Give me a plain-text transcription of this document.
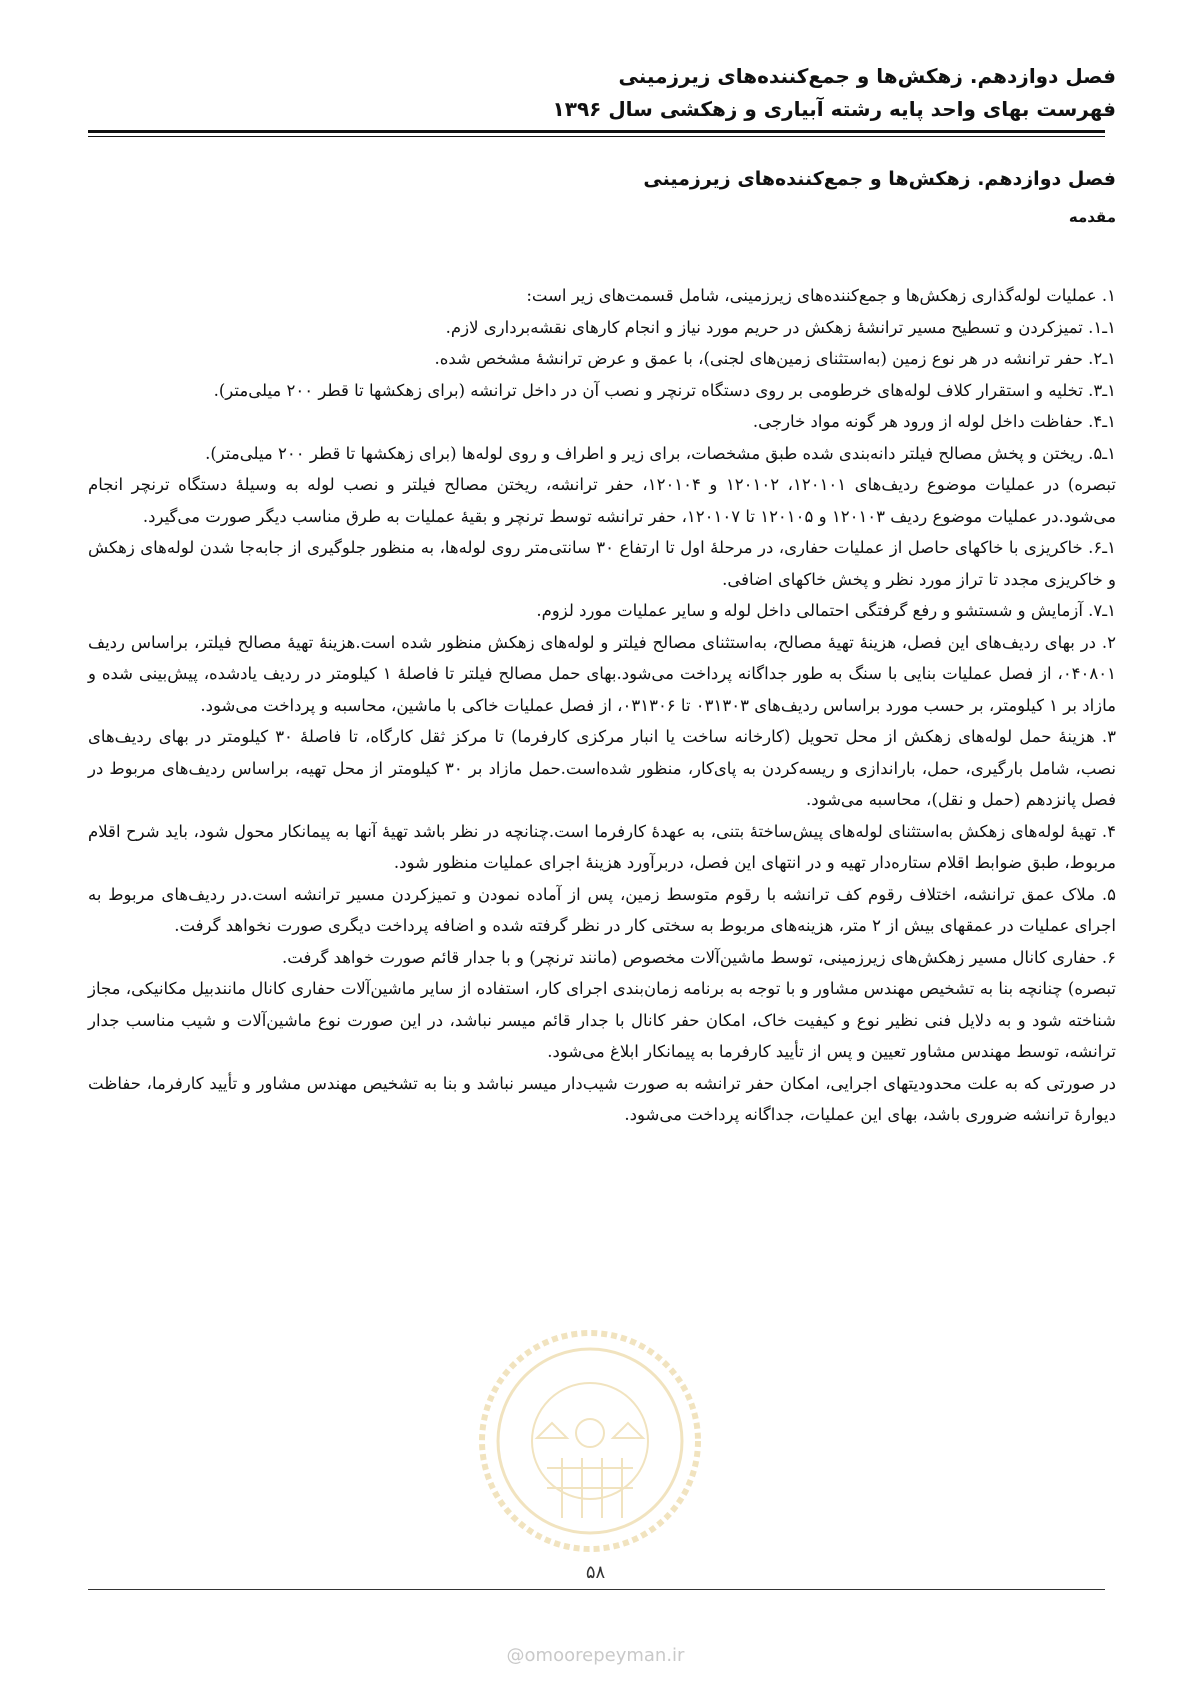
فصل دوازدهم. زهکش‌ها و جمع‌کننده‌های زیرزمینی
فهرست بهای واحد پایه رشته آبیاری و زهکشی سال ۱۳۹۶
فصل دوازدهم. زهکش‌ها و جمع‌کننده‌های زیرزمینی
مقدمه

۱. عملیات لوله‌گذاری زهکش‌ها و جمع‌کننده‌های زیرزمینی، شامل قسمت‌های زیر است:

۱ـ۱. تمیزکردن و تسطیح مسیر ترانشهٔ زهکش در حریم مورد نیاز و انجام کارهای نقشه‌برداری لازم.

۱ـ۲. حفر ترانشه در هر نوع زمین (به‌استثنای زمین‌های لجنی)، با عمق و عرض ترانشهٔ مشخص شده.

۱ـ۳. تخلیه و استقرار کلاف لوله‌های خرطومی بر روی دستگاه ترنچر و نصب آن در داخل ترانشه (برای زهکشها تا قطر ۲۰۰ میلی‌متر).

۱ـ۴. حفاظت داخل لوله از ورود هر گونه مواد خارجی.

۱ـ۵. ریختن و پخش مصالح فیلتر دانه‌بندی شده طبق مشخصات، برای زیر و اطراف و روی لوله‌ها (برای زهکشها تا قطر ۲۰۰ میلی‌متر).

تبصره) در عملیات موضوع ردیف‌های ۱۲۰۱۰۱، ۱۲۰۱۰۲ و ۱۲۰۱۰۴، حفر ترانشه، ریختن مصالح فیلتر و نصب لوله به وسیلهٔ دستگاه ترنچر انجام می‌شود.در عملیات موضوع ردیف ۱۲۰۱۰۳ و ۱۲۰۱۰۵ تا ۱۲۰۱۰۷، حفر ترانشه توسط ترنچر و بقیهٔ عملیات به طرق مناسب دیگر صورت می‌گیرد.

۱ـ۶. خاکریزی با خاکهای حاصل از عملیات حفاری، در مرحلهٔ اول تا ارتفاع ۳۰ سانتی‌متر روی لوله‌ها، به منظور جلوگیری از جابه‌جا شدن لوله‌های زهکش و خاکریزی مجدد تا تراز مورد نظر و پخش خاکهای اضافی.

۱ـ۷. آزمایش و شستشو و رفع گرفتگی احتمالی داخل لوله و سایر عملیات مورد لزوم.

۲. در بهای ردیف‌های این فصل، هزینهٔ تهیهٔ مصالح، به‌استثنای مصالح فیلتر و لوله‌های زهکش منظور شده است.هزینهٔ تهیهٔ مصالح فیلتر، براساس ردیف ۰۴۰۸۰۱، از فصل عملیات بنایی با سنگ به طور جداگانه پرداخت می‌شود.بهای حمل مصالح فیلتر تا فاصلهٔ ۱ کیلومتر در ردیف یادشده، پیش‌بینی شده و مازاد بر ۱ کیلومتر، بر حسب مورد براساس ردیف‌های ۰۳۱۳۰۳ تا ۰۳۱۳۰۶، از فصل عملیات خاکی با ماشین، محاسبه و پرداخت می‌شود.

۳. هزینهٔ حمل لوله‌های زهکش از محل تحویل (کارخانه ساخت یا انبار مرکزی کارفرما) تا مرکز ثقل کارگاه، تا فاصلهٔ ۳۰ کیلومتر در بهای ردیف‌های نصب، شامل بارگیری، حمل، باراندازی و ریسه‌کردن به پای‌کار، منظور شده‌است.حمل مازاد بر ۳۰ کیلومتر از محل تهیه، براساس ردیف‌های مربوط در فصل پانزدهم (حمل و نقل)، محاسبه می‌شود.

۴. تهیهٔ لوله‌های زهکش به‌استثنای لوله‌های پیش‌ساختهٔ بتنی، به عهدهٔ کارفرما است.چنانچه در نظر باشد تهیهٔ آنها به پیمانکار محول شود، باید شرح اقلام مربوط، طبق ضوابط اقلام ستاره‌دار تهیه و در انتهای این فصل، دربرآورد هزینهٔ اجرای عملیات منظور شود.

۵. ملاک عمق ترانشه، اختلاف رقوم کف ترانشه با رقوم متوسط زمین، پس از آماده نمودن و تمیزکردن مسیر ترانشه است.در ردیف‌های مربوط به اجرای عملیات در عمقهای بیش از ۲ متر، هزینه‌های مربوط به سختی کار در نظر گرفته شده و اضافه پرداخت دیگری صورت نخواهد گرفت.

۶. حفاری کانال مسیر زهکش‌های زیرزمینی، توسط ماشین‌آلات مخصوص (مانند ترنچر) و با جدار قائم صورت خواهد گرفت.

تبصره) چنانچه بنا به تشخیص مهندس مشاور و با توجه به برنامه زمان‌بندی اجرای کار، استفاده از سایر ماشین‌آلات حفاری کانال مانندبیل مکانیکی، مجاز شناخته شود و به دلایل فنی نظیر نوع و کیفیت خاک، امکان حفر کانال با جدار قائم میسر نباشد، در این صورت نوع ماشین‌آلات و شیب مناسب جدار ترانشه، توسط مهندس مشاور تعیین و پس از تأیید کارفرما به پیمانکار ابلاغ می‌شود.

در صورتی که به علت محدودیتهای اجرایی، امکان حفر ترانشه به صورت شیب‌دار میسر نباشد و بنا به تشخیص مهندس مشاور و تأیید کارفرما، حفاظت دیوارهٔ ترانشه ضروری باشد، بهای این عملیات، جداگانه پرداخت می‌شود.

۵۸
@omoorepeyman.ir
